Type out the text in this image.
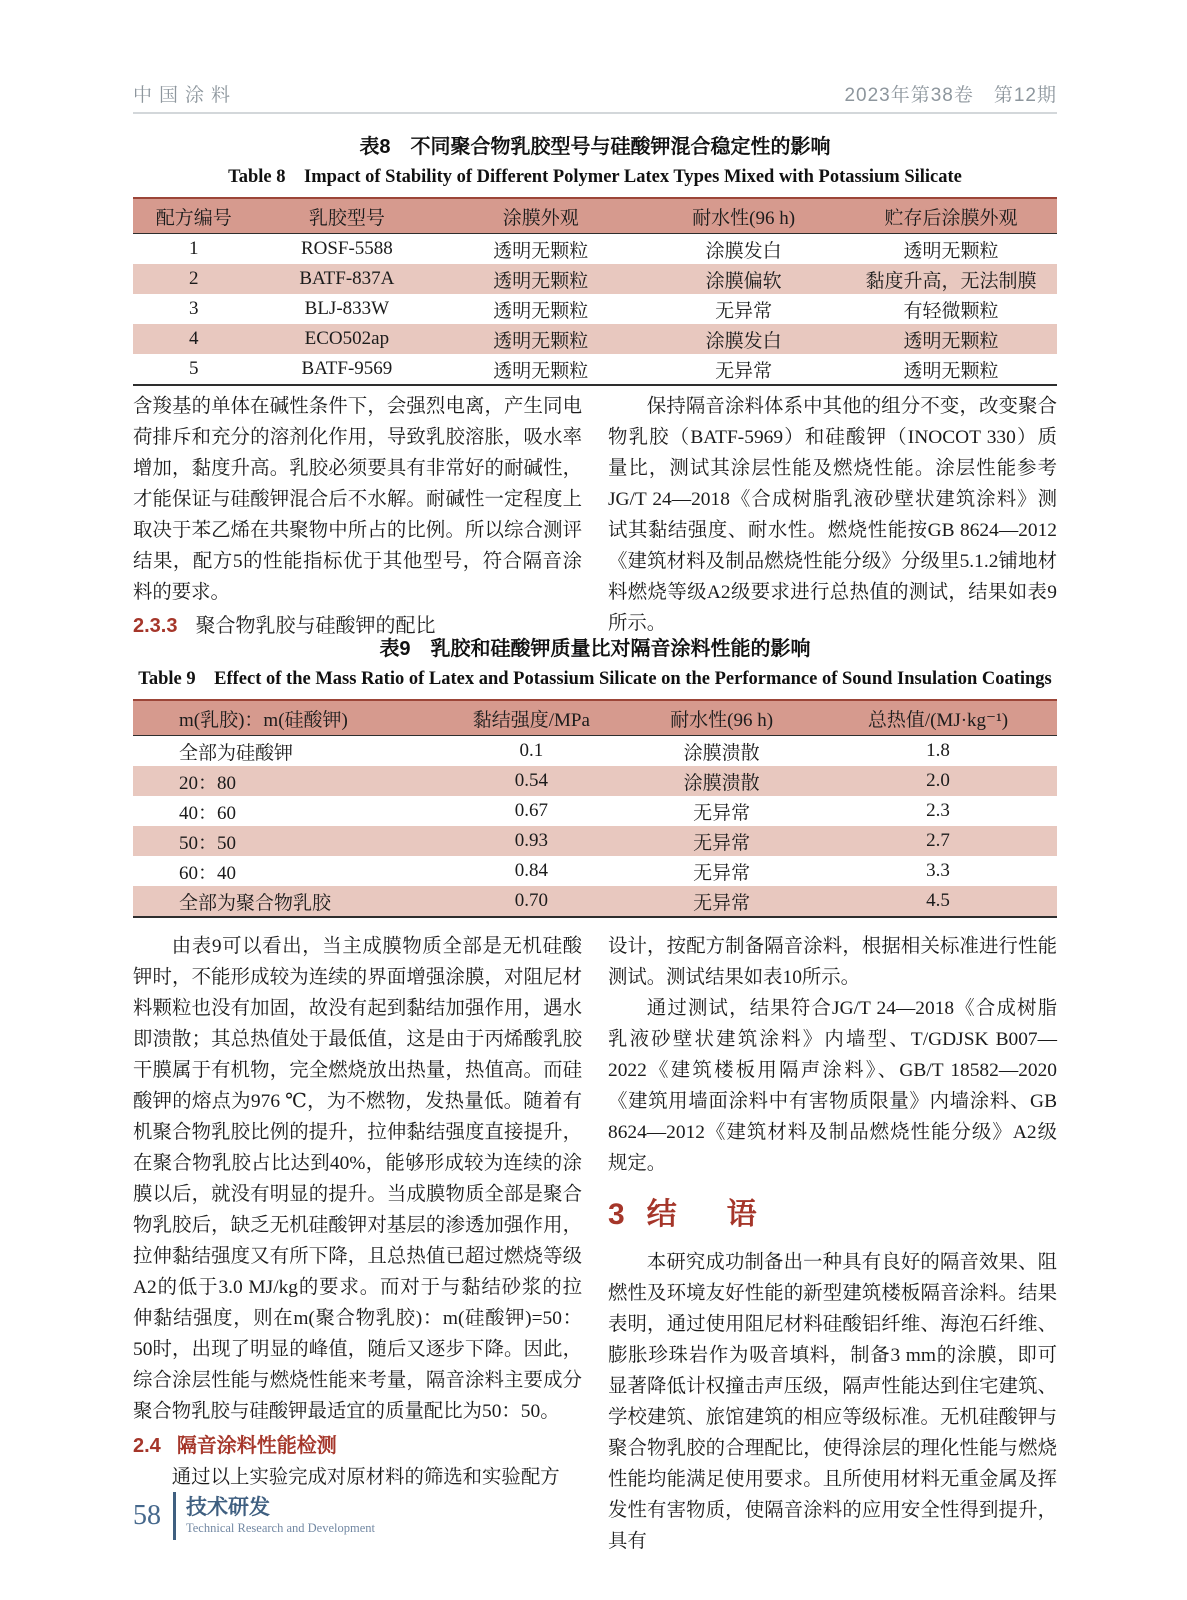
中国涂料	2023年第38卷　第12期

表8　不同聚合物乳胶型号与硅酸钾混合稳定性的影响

Table 8　Impact of Stability of Different Polymer Latex Types Mixed with Potassium Silicate

配方编号	乳胶型号	涂膜外观	耐水性(96 h)	贮存后涂膜外观
1	ROSF-5588	透明无颗粒	涂膜发白	透明无颗粒
2	BATF-837A	透明无颗粒	涂膜偏软	黏度升高，无法制膜
3	BLJ-833W	透明无颗粒	无异常	有轻微颗粒
4	ECO502ap	透明无颗粒	涂膜发白	透明无颗粒
5	BATF-9569	透明无颗粒	无异常	透明无颗粒

含羧基的单体在碱性条件下，会强烈电离，产生同电荷排斥和充分的溶剂化作用，导致乳胶溶胀，吸水率增加，黏度升高。乳胶必须要具有非常好的耐碱性，才能保证与硅酸钾混合后不水解。耐碱性一定程度上取决于苯乙烯在共聚物中所占的比例。所以综合测评结果，配方5的性能指标优于其他型号，符合隔音涂料的要求。

2.3.3 聚合物乳胶与硅酸钾的配比

保持隔音涂料体系中其他的组分不变，改变聚合物乳胶（BATF-5969）和硅酸钾（INOCOT 330）质量比，测试其涂层性能及燃烧性能。涂层性能参考JG/T 24—2018《合成树脂乳液砂壁状建筑涂料》测试其黏结强度、耐水性。燃烧性能按GB 8624—2012《建筑材料及制品燃烧性能分级》分级里5.1.2铺地材料燃烧等级A2级要求进行总热值的测试，结果如表9所示。

表9　乳胶和硅酸钾质量比对隔音涂料性能的影响

Table 9　Effect of the Mass Ratio of Latex and Potassium Silicate on the Performance of Sound Insulation Coatings

m(乳胶)：m(硅酸钾)	黏结强度/MPa	耐水性(96 h)	总热值/(MJ·kg⁻¹)
全部为硅酸钾	0.1	涂膜溃散	1.8
20：80	0.54	涂膜溃散	2.0
40：60	0.67	无异常	2.3
50：50	0.93	无异常	2.7
60：40	0.84	无异常	3.3
全部为聚合物乳胶	0.70	无异常	4.5

由表9可以看出，当主成膜物质全部是无机硅酸钾时，不能形成较为连续的界面增强涂膜，对阻尼材料颗粒也没有加固，故没有起到黏结加强作用，遇水即溃散；其总热值处于最低值，这是由于丙烯酸乳胶干膜属于有机物，完全燃烧放出热量，热值高。而硅酸钾的熔点为976 ℃，为不燃物，发热量低。随着有机聚合物乳胶比例的提升，拉伸黏结强度直接提升，在聚合物乳胶占比达到40%，能够形成较为连续的涂膜以后，就没有明显的提升。当成膜物质全部是聚合物乳胶后，缺乏无机硅酸钾对基层的渗透加强作用，拉伸黏结强度又有所下降，且总热值已超过燃烧等级A2的低于3.0 MJ/kg的要求。而对于与黏结砂浆的拉伸黏结强度，则在m(聚合物乳胶)：m(硅酸钾)=50：50时，出现了明显的峰值，随后又逐步下降。因此，综合涂层性能与燃烧性能来考量，隔音涂料主要成分聚合物乳胶与硅酸钾最适宜的质量配比为50：50。

2.4 隔音涂料性能检测

通过以上实验完成对原材料的筛选和实验配方

设计，按配方制备隔音涂料，根据相关标准进行性能测试。测试结果如表10所示。

通过测试，结果符合JG/T 24—2018《合成树脂乳液砂壁状建筑涂料》内墙型、T/GDJSK B007—2022《建筑楼板用隔声涂料》、GB/T 18582—2020《建筑用墙面涂料中有害物质限量》内墙涂料、GB 8624—2012《建筑材料及制品燃烧性能分级》A2级规定。

3 结　语

本研究成功制备出一种具有良好的隔音效果、阻燃性及环境友好性能的新型建筑楼板隔音涂料。结果表明，通过使用阻尼材料硅酸铝纤维、海泡石纤维、膨胀珍珠岩作为吸音填料，制备3 mm的涂膜，即可显著降低计权撞击声压级，隔声性能达到住宅建筑、学校建筑、旅馆建筑的相应等级标准。无机硅酸钾与聚合物乳胶的合理配比，使得涂层的理化性能与燃烧性能均能满足使用要求。且所使用材料无重金属及挥发性有害物质，使隔音涂料的应用安全性得到提升，具有

58 技术研发
Technical Research and Development
